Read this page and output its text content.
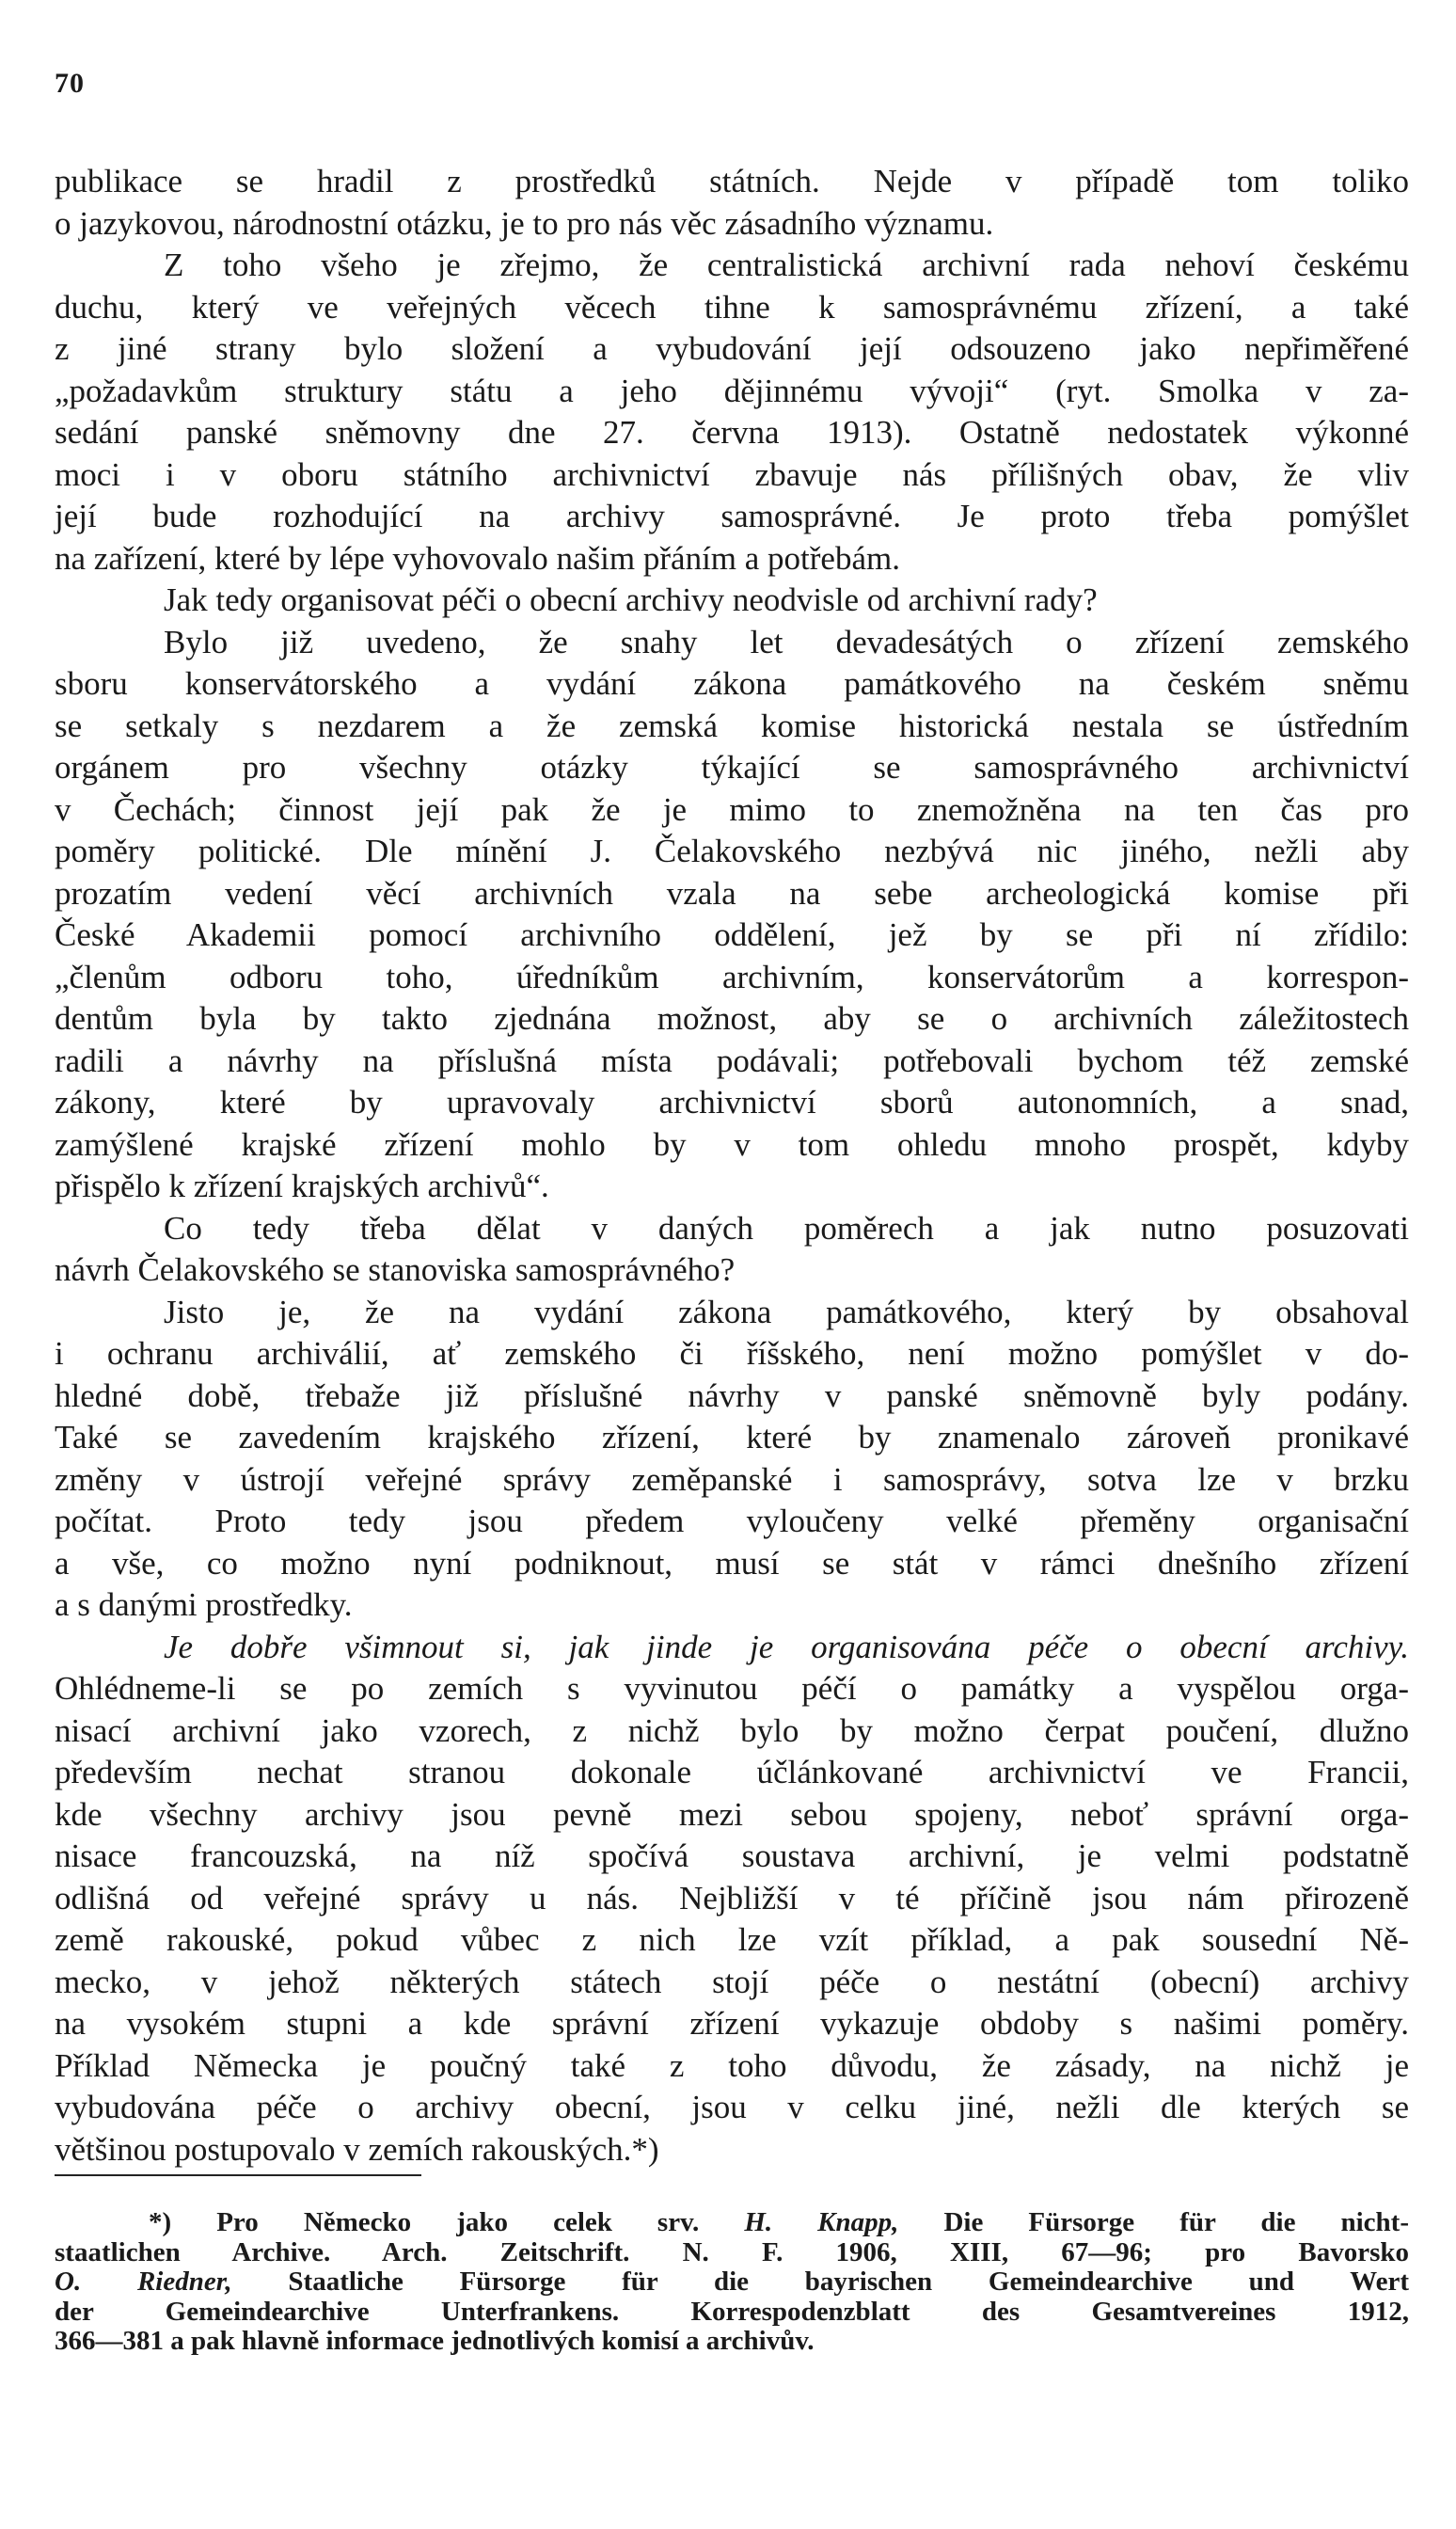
70
publikace se hradil z prostředků státních. Nejde v případě tom toliko
o jazykovou, národnostní otázku, je to pro nás věc zásadního významu.
Z toho všeho je zřejmo, že centralistická archivní rada nehoví českému
duchu, který ve veřejných věcech tihne k samosprávnému zřízení, a také
z jiné strany bylo složení a vybudování její odsouzeno jako nepřiměřené
„požadavkům struktury státu a jeho dějinnému vývoji“ (ryt. Smolka v za-
sedání panské sněmovny dne 27. června 1913). Ostatně nedostatek výkonné
moci i v oboru státního archivnictví zbavuje nás přílišných obav, že vliv
její bude rozhodující na archivy samosprávné. Je proto třeba pomýšlet
na zařízení, které by lépe vyhovovalo našim přáním a potřebám.
Jak tedy organisovat péči o obecní archivy neodvisle od archivní rady?
Bylo již uvedeno, že snahy let devadesátých o zřízení zemského
sboru konservátorského a vydání zákona památkového na českém sněmu
se setkaly s nezdarem a že zemská komise historická nestala se ústředním
orgánem pro všechny otázky týkající se samosprávného archivnictví
v Čechách; činnost její pak že je mimo to znemožněna na ten čas pro
poměry politické. Dle mínění J. Čelakovského nezbývá nic jiného, nežli aby
prozatím vedení věcí archivních vzala na sebe archeologická komise při
České Akademii pomocí archivního oddělení, jež by se při ní zřídilo:
„členům odboru toho, úředníkům archivním, konservátorům a korrespon-
dentům byla by takto zjednána možnost, aby se o archivních záležitostech
radili a návrhy na příslušná místa podávali; potřebovali bychom též zemské
zákony, které by upravovaly archivnictví sborů autonomních, a snad,
zamýšlené krajské zřízení mohlo by v tom ohledu mnoho prospět, kdyby
přispělo k zřízení krajských archivů“.
Co tedy třeba dělat v daných poměrech a jak nutno posuzovati
návrh Čelakovského se stanoviska samosprávného?
Jisto je, že na vydání zákona památkového, který by obsahoval
i ochranu archiválií, ať zemského či říšského, není možno pomýšlet v do-
hledné době, třebaže již příslušné návrhy v panské sněmovně byly podány.
Také se zavedením krajského zřízení, které by znamenalo zároveň pronikavé
změny v ústrojí veřejné správy zeměpanské i samosprávy, sotva lze v brzku
počítat. Proto tedy jsou předem vyloučeny velké přeměny organisační
a vše, co možno nyní podniknout, musí se stát v rámci dnešního zřízení
a s danými prostředky.
Je dobře všimnout si, jak jinde je organisována péče o obecní archivy.
Ohlédneme-li se po zemích s vyvinutou péčí o památky a vyspělou orga-
nisací archivní jako vzorech, z nichž bylo by možno čerpat poučení, dlužno
především nechat stranou dokonale účlánkované archivnictví ve Francii,
kde všechny archivy jsou pevně mezi sebou spojeny, neboť správní orga-
nisace francouzská, na níž spočívá soustava archivní, je velmi podstatně
odlišná od veřejné správy u nás. Nejbližší v té příčině jsou nám přirozeně
země rakouské, pokud vůbec z nich lze vzít příklad, a pak sousední Ně-
mecko, v jehož některých státech stojí péče o nestátní (obecní) archivy
na vysokém stupni a kde správní zřízení vykazuje obdoby s našimi poměry.
Příklad Německa je poučný také z toho důvodu, že zásady, na nichž je
vybudována péče o archivy obecní, jsou v celku jiné, nežli dle kterých se
většinou postupovalo v zemích rakouských.*)
*) Pro Německo jako celek srv. H. Knapp, Die Fürsorge für die nicht-
staatlichen Archive. Arch. Zeitschrift. N. F. 1906, XIII, 67—96; pro Bavorsko
O. Riedner, Staatliche Fürsorge für die bayrischen Gemeindearchive und Wert
der Gemeindearchive Unterfrankens. Korrespodenzblatt des Gesamtvereines 1912,
366—381 a pak hlavně informace jednotlivých komisí a archivův.
